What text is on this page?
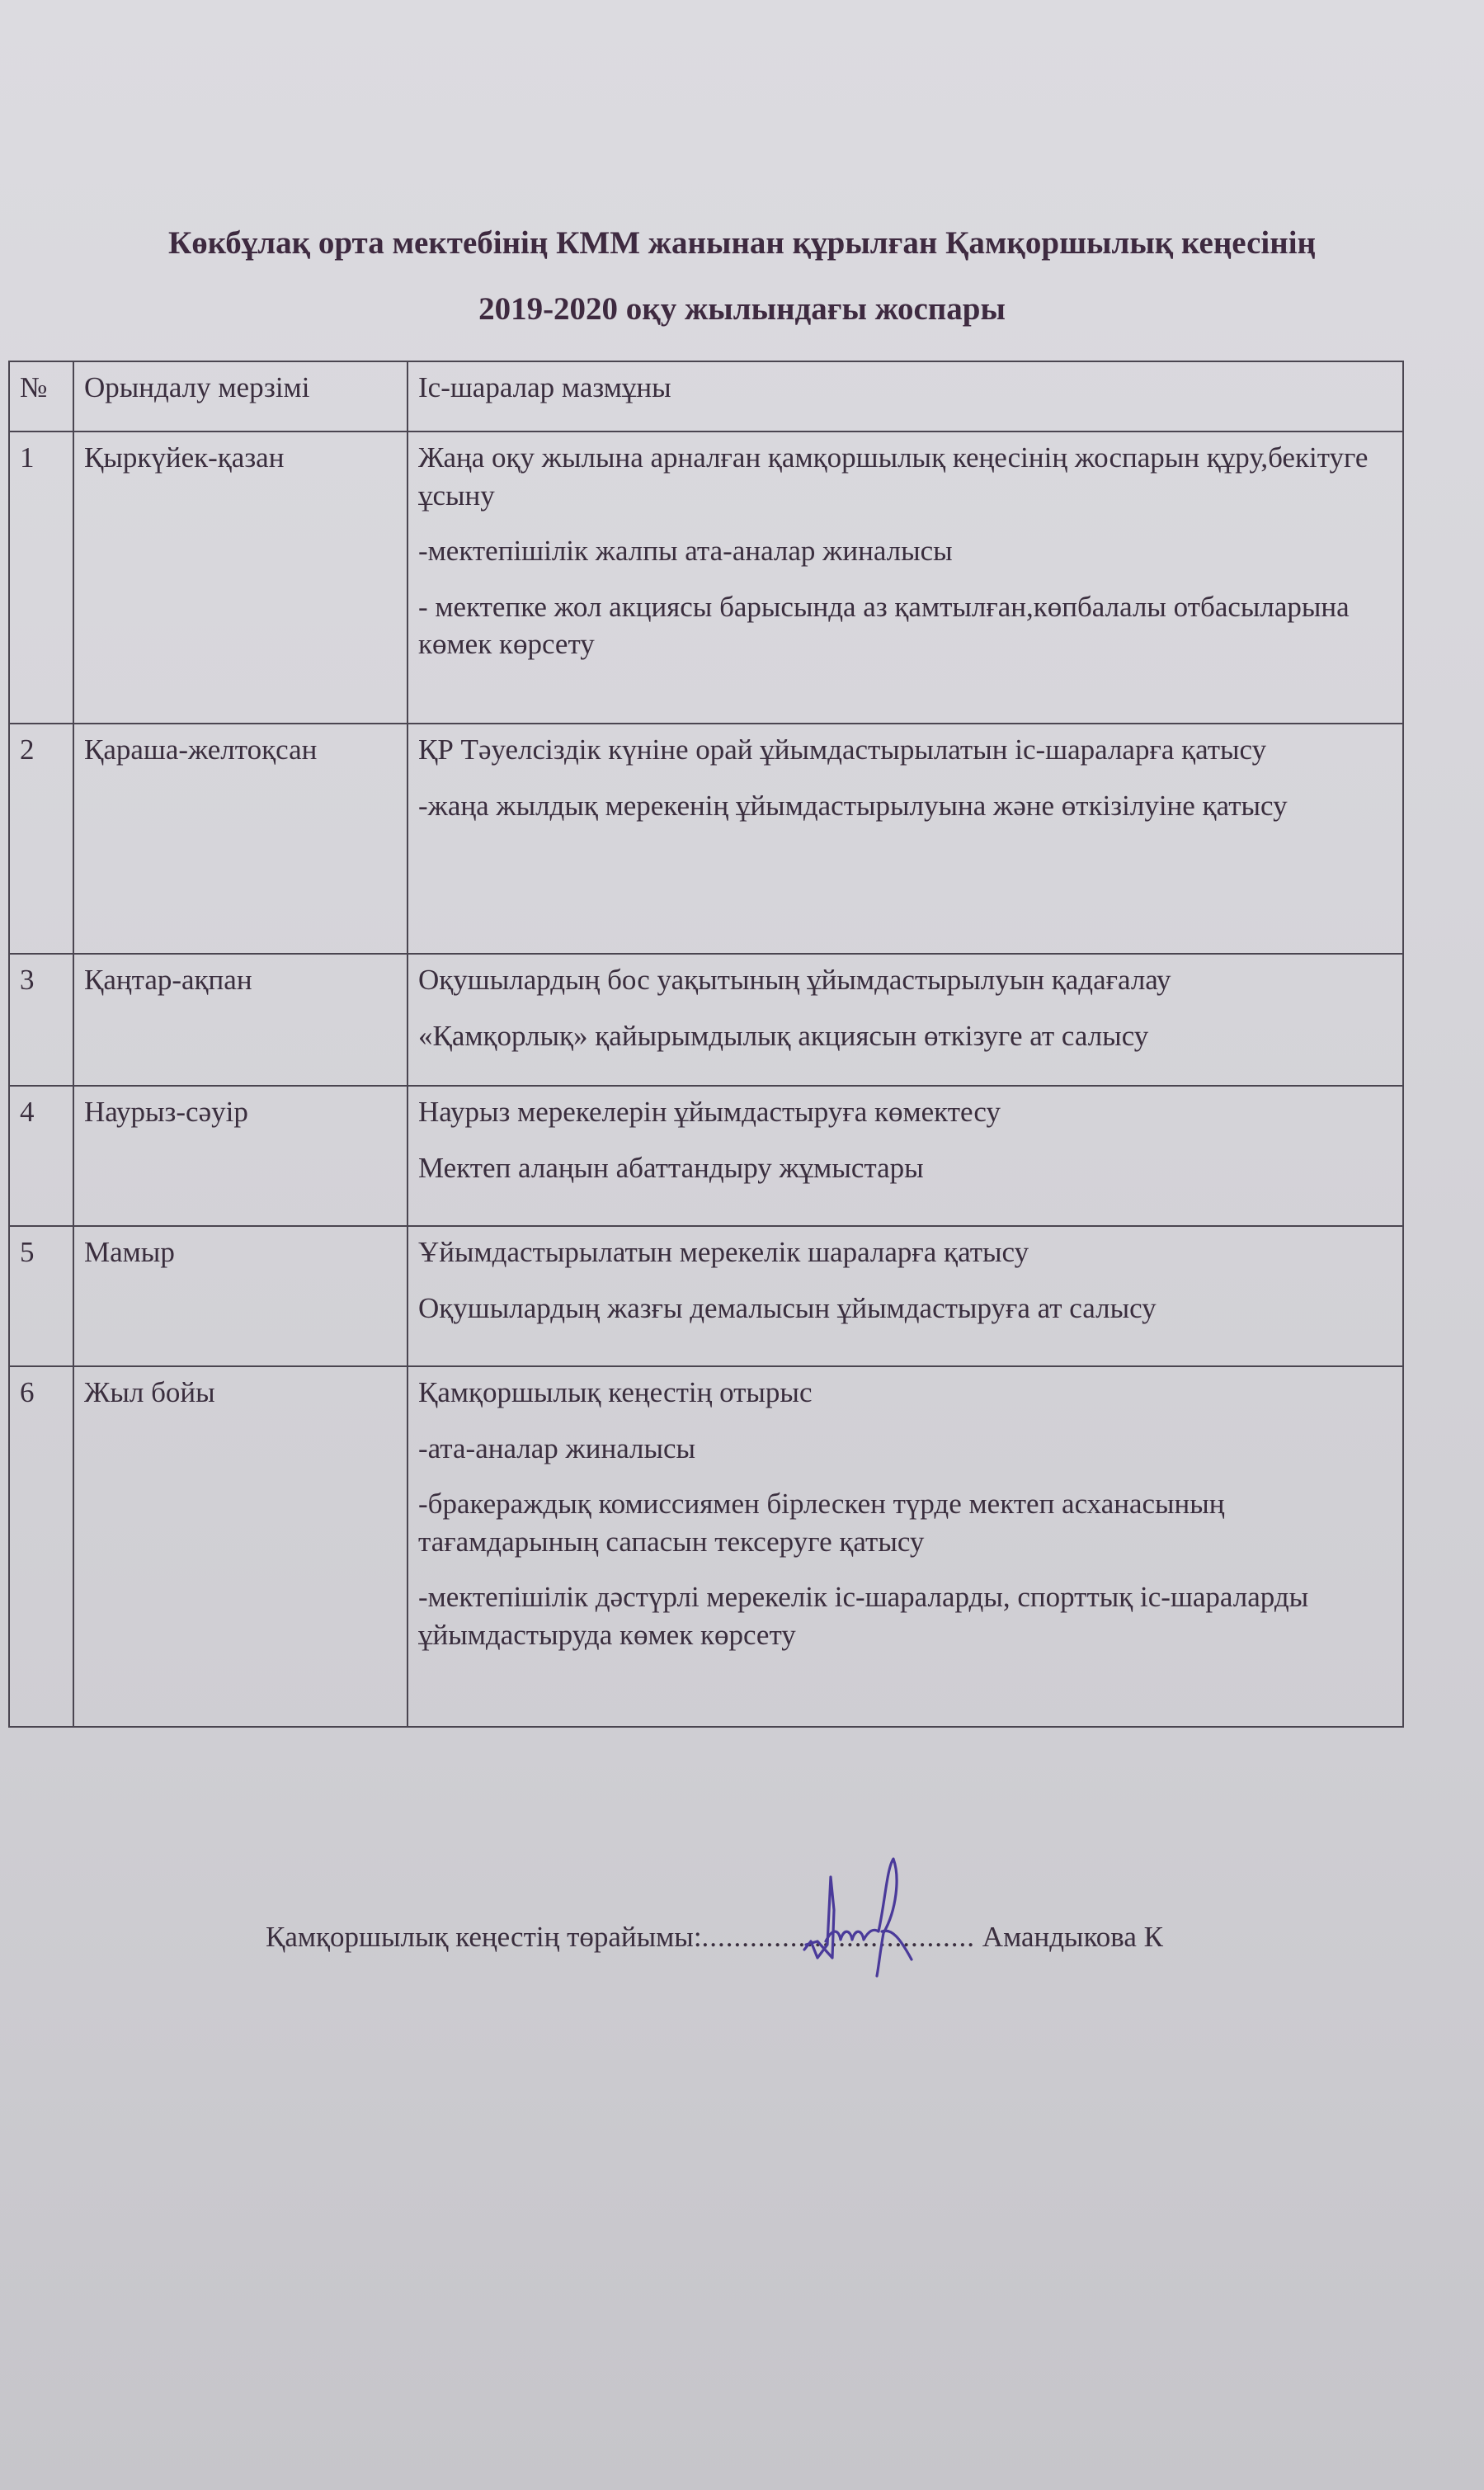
Көкбұлақ орта мектебінің КММ жанынан құрылған Қамқоршылық кеңесінің
2019-2020 оқу жылындағы жоспары
№	Орындалу мерзімі	Іс-шаралар мазмұны
1	Қыркүйек-қазан	Жаңа оқу жылына арналған қамқоршылық кеңесінің жоспарын құру,бекітуге ұсыну
-мектепішілік жалпы ата-аналар жиналысы
- мектепке жол акциясы барысында аз қамтылған,көпбалалы отбасыларына көмек көрсету

2	Қараша-желтоқсан	ҚР Тәуелсіздік күніне орай ұйымдастырылатын іс-шараларға қатысу
-жаңа жылдық мерекенің ұйымдастырылуына және өткізілуіне қатысу

3	Қаңтар-ақпан	Оқушылардың бос уақытының ұйымдастырылуын қадағалау
«Қамқорлық» қайырымдылық акциясын өткізуге ат салысу

4	Наурыз-сәуір	Наурыз мерекелерін ұйымдастыруға көмектесу
Мектеп алаңын абаттандыру жұмыстары

5	Мамыр	Ұйымдастырылатын мерекелік шараларға қатысу
Оқушылардың жазғы демалысын ұйымдастыруға ат салысу

6	Жыл бойы	Қамқоршылық кеңестің отырыс
-ата-аналар жиналысы
-бракераждық комиссиямен бірлескен түрде мектеп асханасының тағамдарының сапасын тексеруге қатысу
-мектепішілік дәстүрлі мерекелік іс-шараларды, спорттық іс-шараларды ұйымдастыруда көмек көрсету
Қамқоршылық кеңестің төрайымы:.................................. Амандыкова К
